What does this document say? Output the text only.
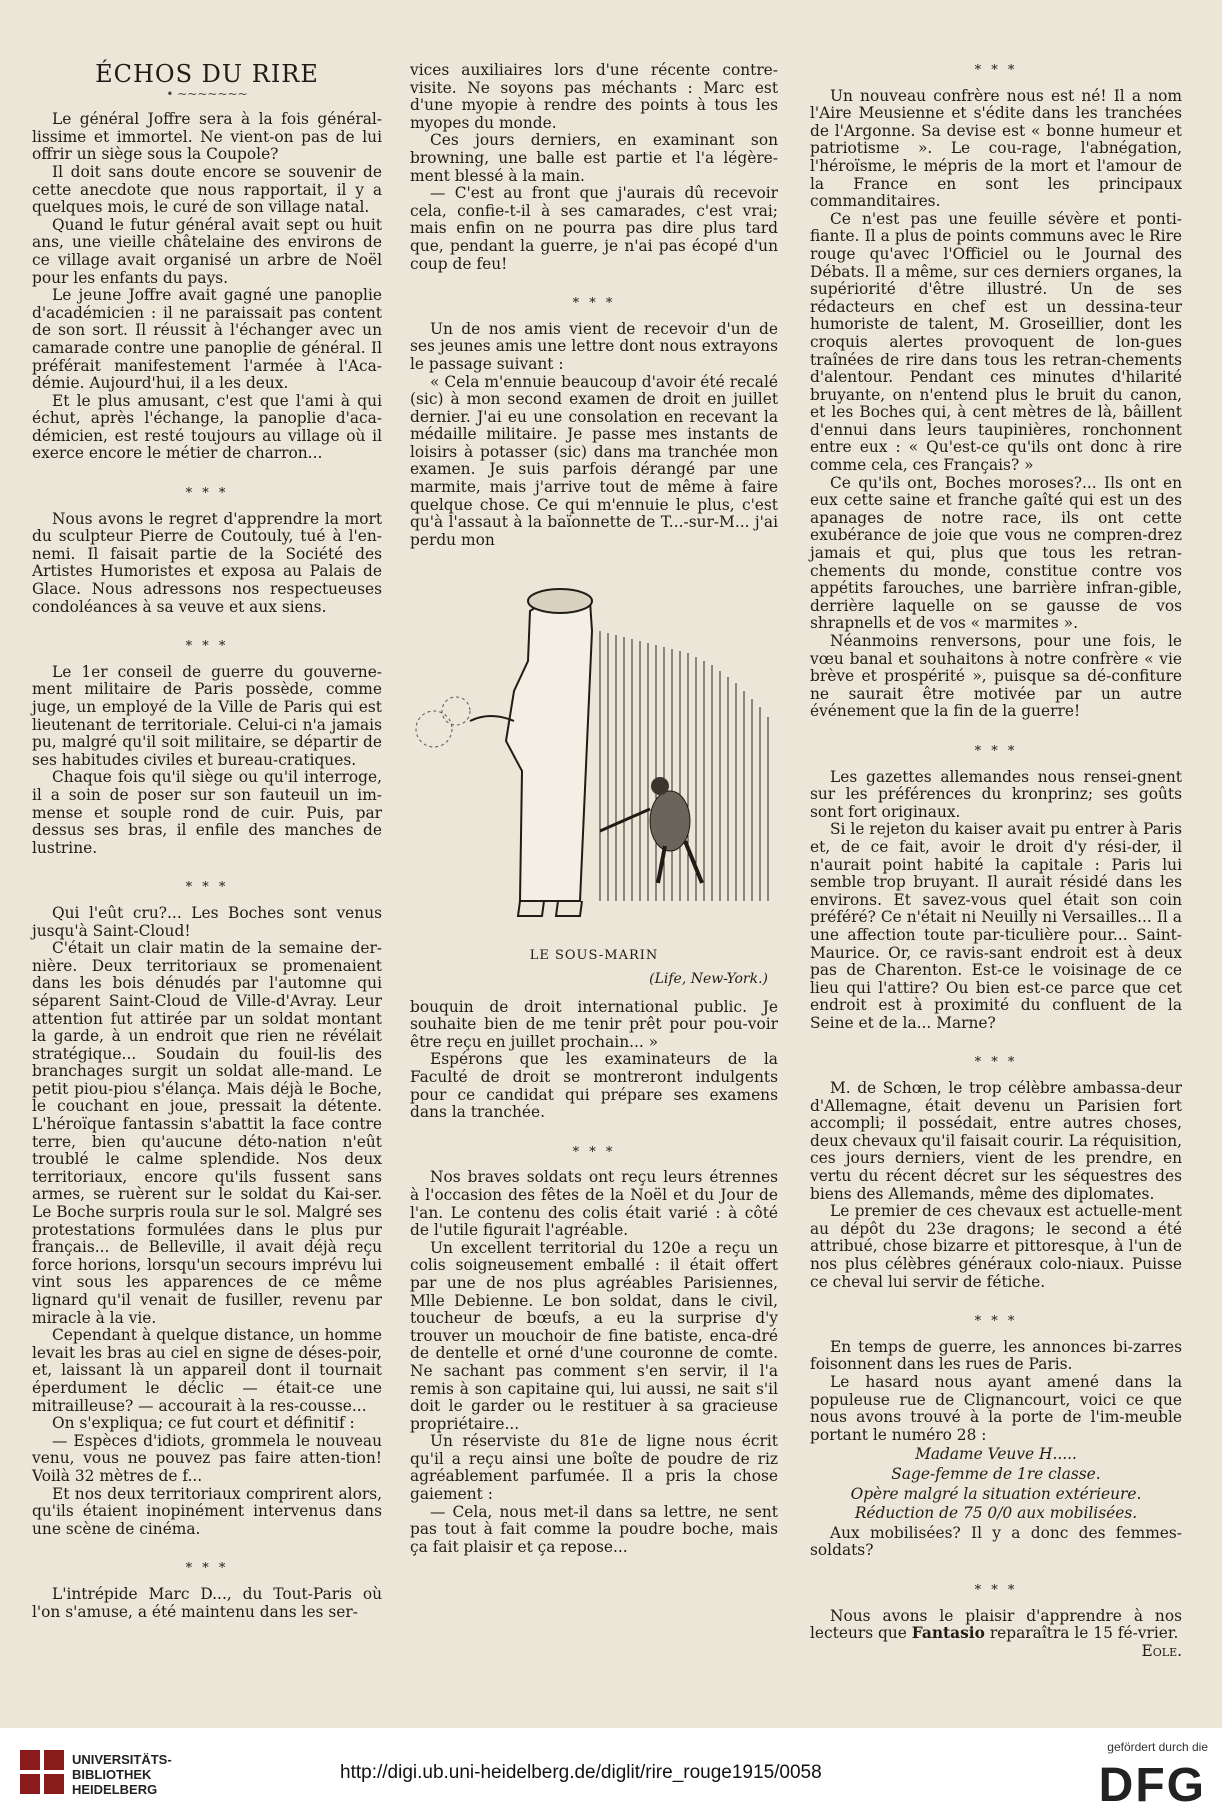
ÉCHOS DU RIRE
• ~~~~~~~

Le général Joffre sera à la fois général-lissime et immortel. Ne vient-on pas de lui offrir un siège sous la Coupole?

Il doit sans doute encore se souvenir de cette anecdote que nous rapportait, il y a quelques mois, le curé de son village natal.

Quand le futur général avait sept ou huit ans, une vieille châtelaine des environs de ce village avait organisé un arbre de Noël pour les enfants du pays.

Le jeune Joffre avait gagné une panoplie d'académicien : il ne paraissait pas content de son sort. Il réussit à l'échanger avec un camarade contre une panoplie de général. Il préférait manifestement l'armée à l'Aca-démie. Aujourd'hui, il a les deux.

Et le plus amusant, c'est que l'ami à qui échut, après l'échange, la panoplie d'aca-démicien, est resté toujours au village où il exerce encore le métier de charron...

* * *

Nous avons le regret d'apprendre la mort du sculpteur Pierre de Coutouly, tué à l'en-nemi. Il faisait partie de la Société des Artistes Humoristes et exposa au Palais de Glace. Nous adressons nos respectueuses condoléances à sa veuve et aux siens.

* * *

Le 1er conseil de guerre du gouverne-ment militaire de Paris possède, comme juge, un employé de la Ville de Paris qui est lieutenant de territoriale. Celui-ci n'a jamais pu, malgré qu'il soit militaire, se départir de ses habitudes civiles et bureau-cratiques.

Chaque fois qu'il siège ou qu'il interroge, il a soin de poser sur son fauteuil un im-mense et souple rond de cuir. Puis, par dessus ses bras, il enfile des manches de lustrine.

* * *

Qui l'eût cru?... Les Boches sont venus jusqu'à Saint-Cloud!

C'était un clair matin de la semaine der-nière. Deux territoriaux se promenaient dans les bois dénudés par l'automne qui séparent Saint-Cloud de Ville-d'Avray. Leur attention fut attirée par un soldat montant la garde, à un endroit que rien ne révélait stratégique... Soudain du fouil-lis des branchages surgit un soldat alle-mand. Le petit piou-piou s'élança. Mais déjà le Boche, le couchant en joue, pressait la détente. L'héroïque fantassin s'abattit la face contre terre, bien qu'aucune déto-nation n'eût troublé le calme splendide. Nos deux territoriaux, encore qu'ils fussent sans armes, se ruèrent sur le soldat du Kai-ser. Le Boche surpris roula sur le sol. Malgré ses protestations formulées dans le plus pur français... de Belleville, il avait déjà reçu force horions, lorsqu'un secours imprévu lui vint sous les apparences de ce même lignard qu'il venait de fusiller, revenu par miracle à la vie.

Cependant à quelque distance, un homme levait les bras au ciel en signe de déses-poir, et, laissant là un appareil dont il tournait éperdument le déclic — était-ce une mitrailleuse? — accourait à la res-cousse...

On s'expliqua; ce fut court et définitif :

— Espèces d'idiots, grommela le nouveau venu, vous ne pouvez pas faire atten-tion! Voilà 32 mètres de f...

Et nos deux territoriaux comprirent alors, qu'ils étaient inopinément intervenus dans une scène de cinéma.

* * *

L'intrépide Marc D..., du Tout-Paris où l'on s'amuse, a été maintenu dans les ser-

vices auxiliaires lors d'une récente contre-visite. Ne soyons pas méchants : Marc est d'une myopie à rendre des points à tous les myopes du monde.

Ces jours derniers, en examinant son browning, une balle est partie et l'a légère-ment blessé à la main.

— C'est au front que j'aurais dû recevoir cela, confie-t-il à ses camarades, c'est vrai; mais enfin on ne pourra pas dire plus tard que, pendant la guerre, je n'ai pas écopé d'un coup de feu!

* * *

Un de nos amis vient de recevoir d'un de ses jeunes amis une lettre dont nous extrayons le passage suivant :

« Cela m'ennuie beaucoup d'avoir été recalé (sic) à mon second examen de droit en juillet dernier. J'ai eu une consolation en recevant la médaille militaire. Je passe mes instants de loisirs à potasser (sic) dans ma tranchée mon examen. Je suis parfois dérangé par une marmite, mais j'arrive tout de même à faire quelque chose. Ce qui m'ennuie le plus, c'est qu'à l'assaut à la baïonnette de T...-sur-M... j'ai perdu mon

LE SOUS-MARIN
(Life, New-York.)

bouquin de droit international public. Je souhaite bien de me tenir prêt pour pou-voir être reçu en juillet prochain... »

Espérons que les examinateurs de la Faculté de droit se montreront indulgents pour ce candidat qui prépare ses examens dans la tranchée.

* * *

Nos braves soldats ont reçu leurs étrennes à l'occasion des fêtes de la Noël et du Jour de l'an. Le contenu des colis était varié : à côté de l'utile figurait l'agréable.

Un excellent territorial du 120e a reçu un colis soigneusement emballé : il était offert par une de nos plus agréables Parisiennes, Mlle Debienne. Le bon soldat, dans le civil, toucheur de bœufs, a eu la surprise d'y trouver un mouchoir de fine batiste, enca-dré de dentelle et orné d'une couronne de comte. Ne sachant pas comment s'en servir, il l'a remis à son capitaine qui, lui aussi, ne sait s'il doit le garder ou le restituer à sa gracieuse propriétaire...

Un réserviste du 81e de ligne nous écrit qu'il a reçu ainsi une boîte de poudre de riz agréablement parfumée. Il a pris la chose gaiement :

— Cela, nous met-il dans sa lettre, ne sent pas tout à fait comme la poudre boche, mais ça fait plaisir et ça repose...

* * *

Un nouveau confrère nous est né! Il a nom l'Aire Meusienne et s'édite dans les tranchées de l'Argonne. Sa devise est « bonne humeur et patriotisme ». Le cou-rage, l'abnégation, l'héroïsme, le mépris de la mort et l'amour de la France en sont les principaux commanditaires.

Ce n'est pas une feuille sévère et ponti-fiante. Il a plus de points communs avec le Rire rouge qu'avec l'Officiel ou le Journal des Débats. Il a même, sur ces derniers organes, la supériorité d'être illustré. Un de ses rédacteurs en chef est un dessina-teur humoriste de talent, M. Groseillier, dont les croquis alertes provoquent de lon-gues traînées de rire dans tous les retran-chements d'alentour. Pendant ces minutes d'hilarité bruyante, on n'entend plus le bruit du canon, et les Boches qui, à cent mètres de là, bâillent d'ennui dans leurs taupinières, ronchonnent entre eux : « Qu'est-ce qu'ils ont donc à rire comme cela, ces Français? »

Ce qu'ils ont, Boches moroses?... Ils ont en eux cette saine et franche gaîté qui est un des apanages de notre race, ils ont cette exubérance de joie que vous ne compren-drez jamais et qui, plus que tous les retran-chements du monde, constitue contre vos appétits farouches, une barrière infran-gible, derrière laquelle on se gausse de vos shrapnells et de vos « marmites ».

Néanmoins renversons, pour une fois, le vœu banal et souhaitons à notre confrère « vie brève et prospérité », puisque sa dé-confiture ne saurait être motivée par un autre événement que la fin de la guerre!

* * *

Les gazettes allemandes nous rensei-gnent sur les préférences du kronprinz; ses goûts sont fort originaux.

Si le rejeton du kaiser avait pu entrer à Paris et, de ce fait, avoir le droit d'y rési-der, il n'aurait point habité la capitale : Paris lui semble trop bruyant. Il aurait résidé dans les environs. Et savez-vous quel était son coin préféré? Ce n'était ni Neuilly ni Versailles... Il a une affection toute par-ticulière pour... Saint-Maurice. Or, ce ravis-sant endroit est à deux pas de Charenton. Est-ce le voisinage de ce lieu qui l'attire? Ou bien est-ce parce que cet endroit est à proximité du confluent de la Seine et de la... Marne?

* * *

M. de Schœn, le trop célèbre ambassa-deur d'Allemagne, était devenu un Parisien fort accompli; il possédait, entre autres choses, deux chevaux qu'il faisait courir. La réquisition, ces jours derniers, vient de les prendre, en vertu du récent décret sur les séquestres des biens des Allemands, même des diplomates.

Le premier de ces chevaux est actuelle-ment au dépôt du 23e dragons; le second a été attribué, chose bizarre et pittoresque, à l'un de nos plus célèbres généraux colo-niaux. Puisse ce cheval lui servir de fétiche.

* * *

En temps de guerre, les annonces bi-zarres foisonnent dans les rues de Paris.

Le hasard nous ayant amené dans la populeuse rue de Clignancourt, voici ce que nous avons trouvé à la porte de l'im-meuble portant le numéro 28 :

Madame Veuve H.....
Sage-femme de 1re classe.
Opère malgré la situation extérieure.
Réduction de 75 0/0 aux mobilisées.

Aux mobilisées? Il y a donc des femmes-soldats?

* * *

Nous avons le plaisir d'apprendre à nos lecteurs que Fantasio reparaîtra le 15 fé-vrier.
Eole.

UNIVERSITÄTS-
BIBLIOTHEK
HEIDELBERG
http://digi.ub.uni-heidelberg.de/diglit/rire_rouge1915/0058
gefördert durch die
DFG
